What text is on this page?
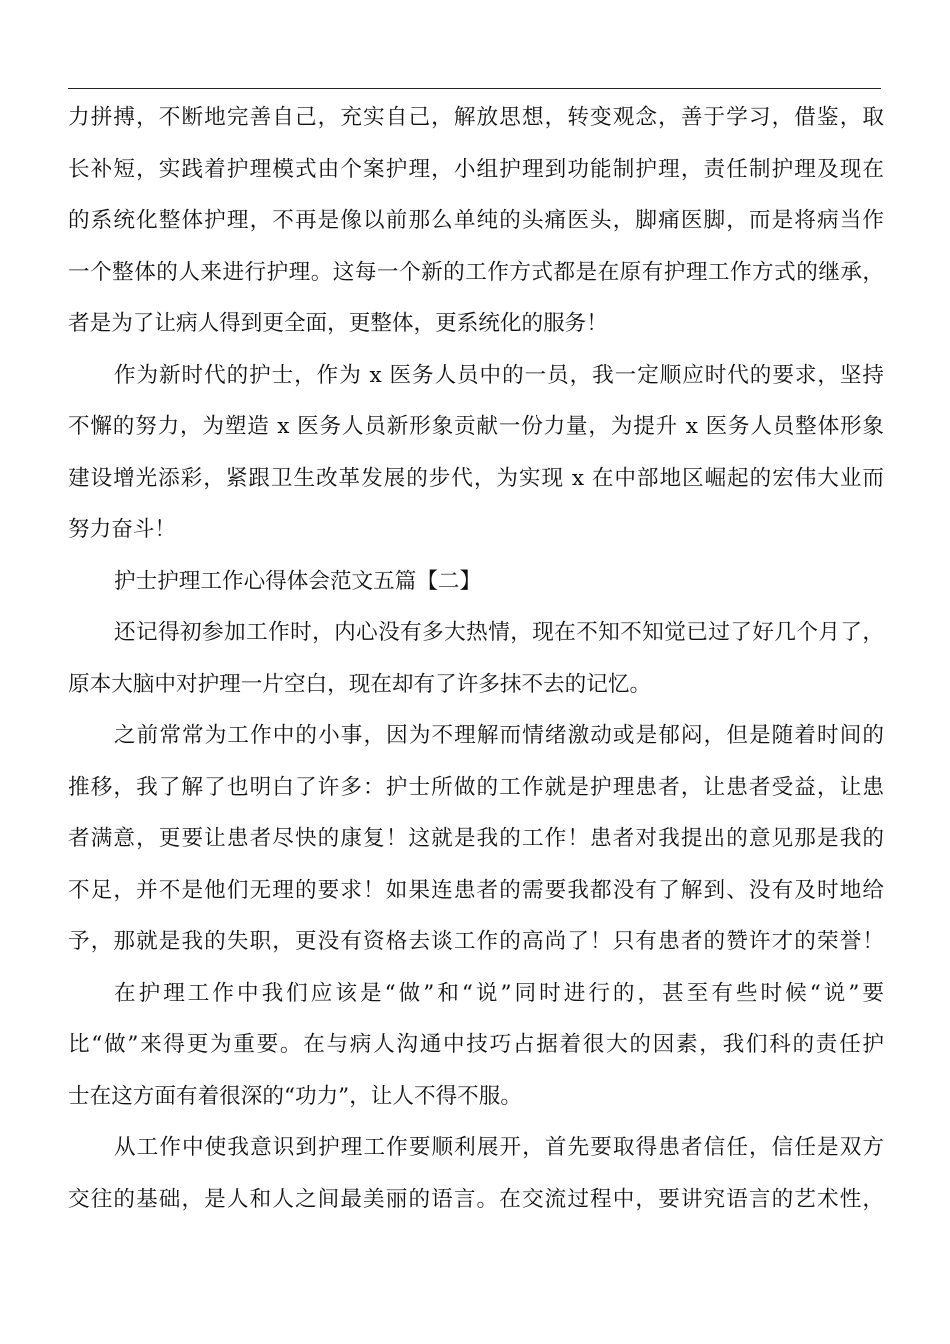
力拼搏，不断地完善自己，充实自己，解放思想，转变观念，善于学习，借鉴，取
长补短，实践着护理模式由个案护理，小组护理到功能制护理，责任制护理及现在
的系统化整体护理，不再是像以前那么单纯的头痛医头，脚痛医脚，而是将病当作
一个整体的人来进行护理。这每一个新的工作方式都是在原有护理工作方式的继承，
者是为了让病人得到更全面，更整体，更系统化的服务！
作为新时代的护士，作为 x 医务人员中的一员，我一定顺应时代的要求，坚持
不懈的努力，为塑造 x 医务人员新形象贡献一份力量，为提升 x 医务人员整体形象
建设增光添彩，紧跟卫生改革发展的步代，为实现 x 在中部地区崛起的宏伟大业而
努力奋斗！
护士护理工作心得体会范文五篇【二】
还记得初参加工作时，内心没有多大热情，现在不知不知觉已过了好几个月了，
原本大脑中对护理一片空白，现在却有了许多抹不去的记忆。
之前常常为工作中的小事，因为不理解而情绪激动或是郁闷，但是随着时间的
推移，我了解了也明白了许多：护士所做的工作就是护理患者，让患者受益，让患
者满意，更要让患者尽快的康复！这就是我的工作！患者对我提出的意见那是我的
不足，并不是他们无理的要求！如果连患者的需要我都没有了解到、没有及时地给
予，那就是我的失职，更没有资格去谈工作的高尚了！只有患者的赞许才的荣誉！
在护理工作中我们应该是“做”和“说”同时进行的，甚至有些时候“说”要
比“做”来得更为重要。在与病人沟通中技巧占据着很大的因素，我们科的责任护
士在这方面有着很深的“功力”，让人不得不服。
从工作中使我意识到护理工作要顺利展开，首先要取得患者信任，信任是双方
交往的基础，是人和人之间最美丽的语言。在交流过程中，要讲究语言的艺术性，
